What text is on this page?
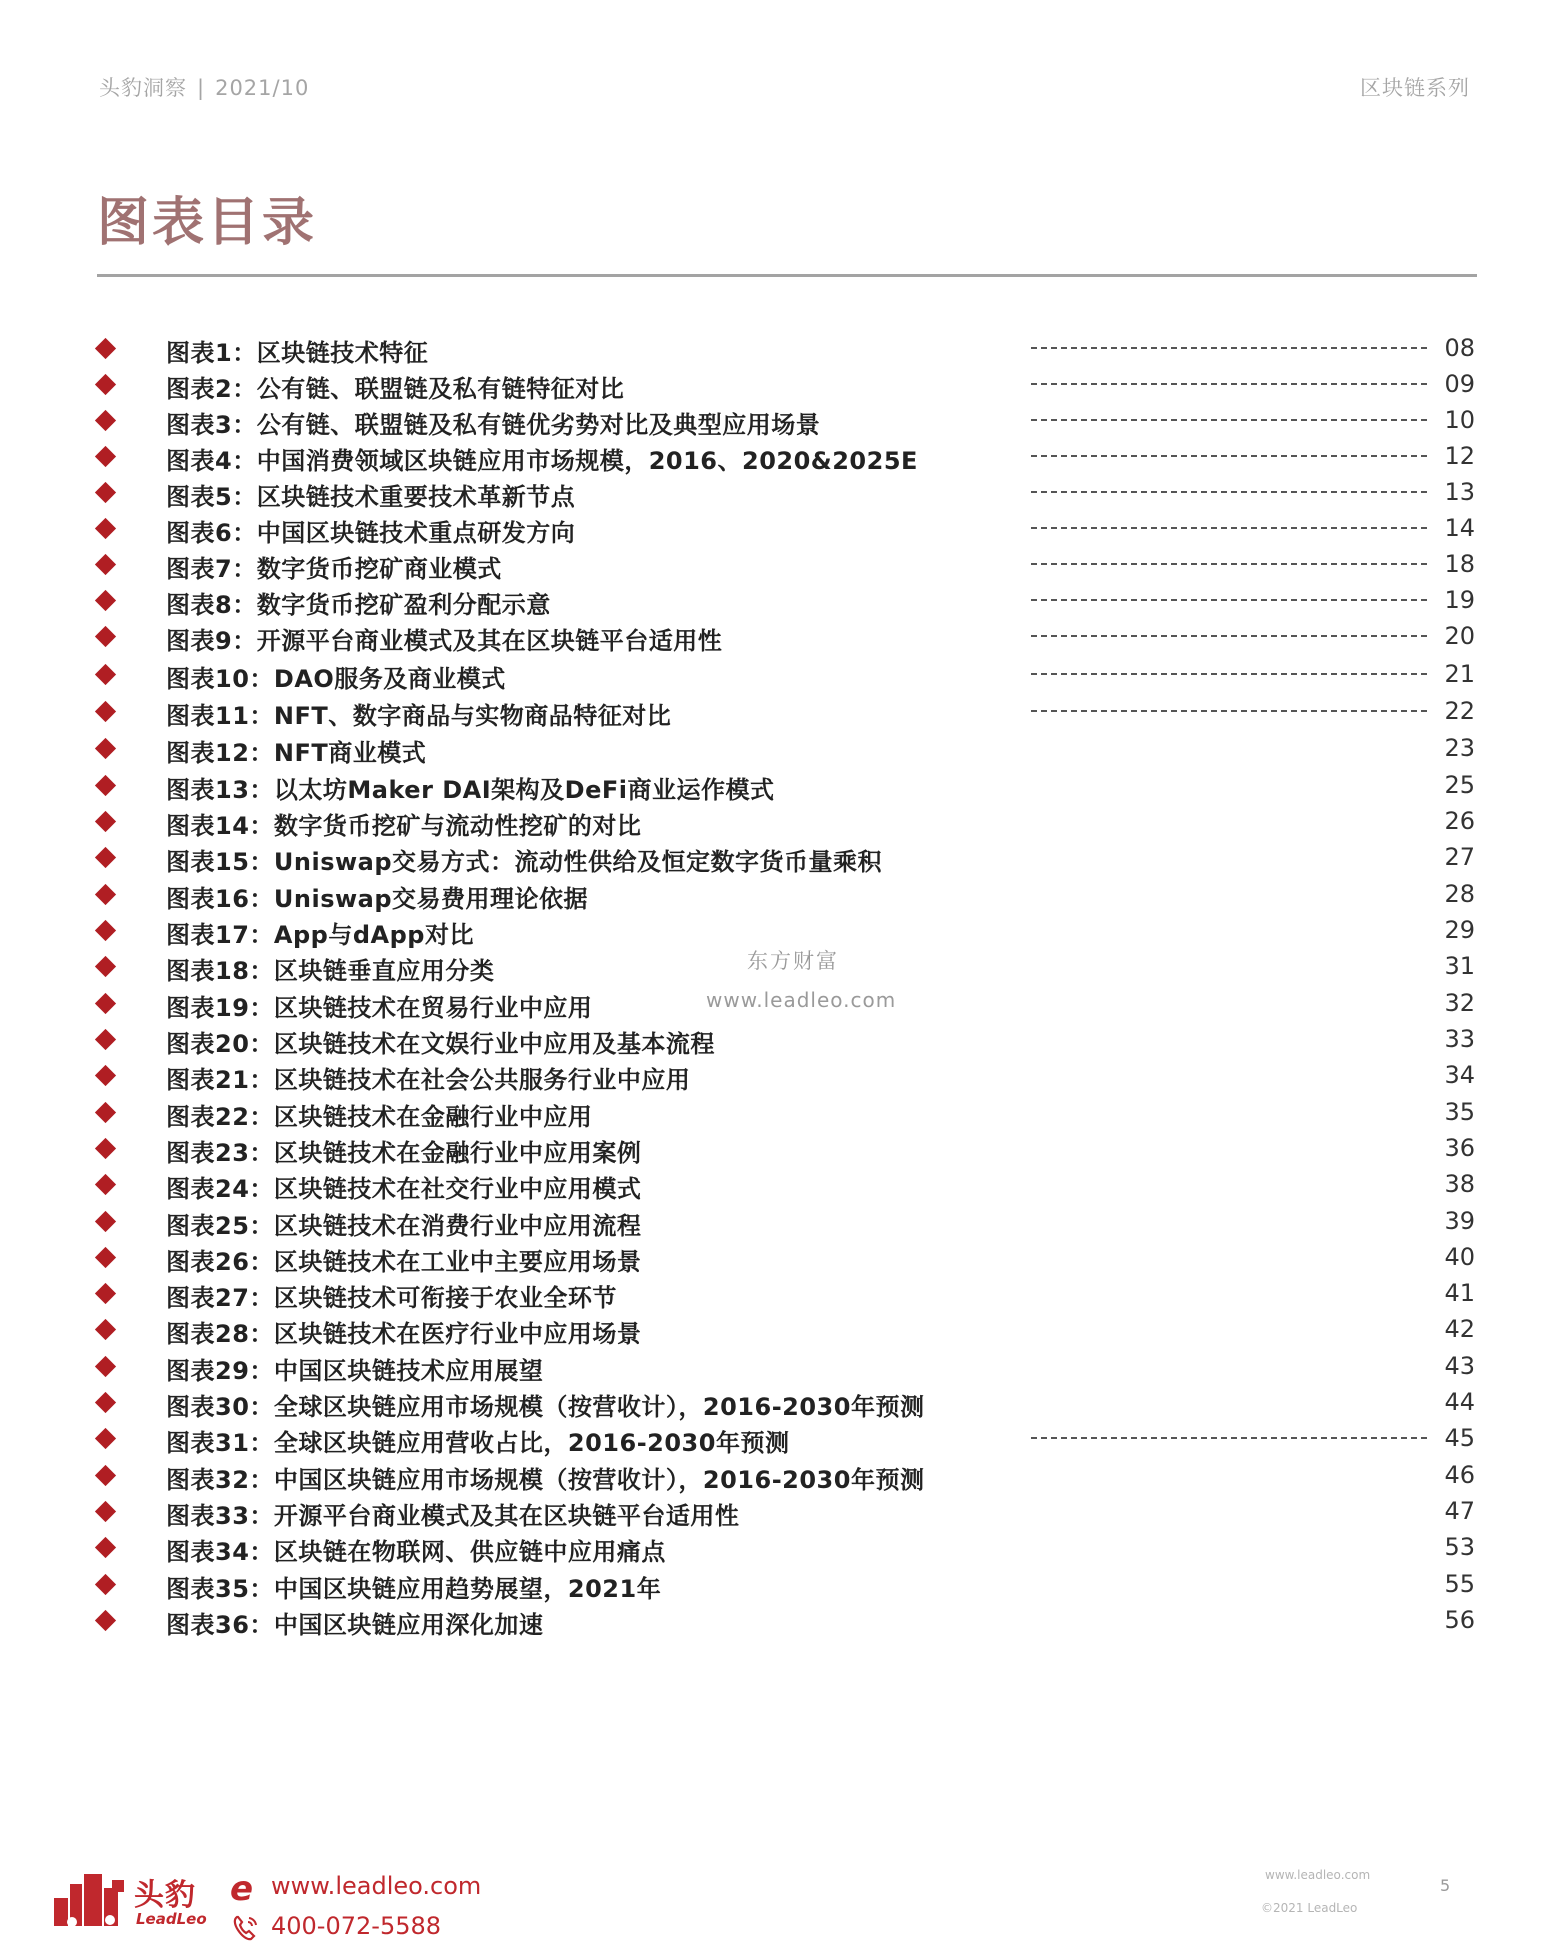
头豹洞察 | 2021/10	区块链系列
图表目录
图表1：区块链技术特征	08
图表2：公有链、联盟链及私有链特征对比	09
图表3：公有链、联盟链及私有链优劣势对比及典型应用场景	10
图表4：中国消费领域区块链应用市场规模，2016、2020&2025E	12
图表5：区块链技术重要技术革新节点	13
图表6：中国区块链技术重点研发方向	14
图表7：数字货币挖矿商业模式	18
图表8：数字货币挖矿盈利分配示意	19
图表9：开源平台商业模式及其在区块链平台适用性	20
图表10：DAO服务及商业模式	21
图表11：NFT、数字商品与实物商品特征对比	22
图表12：NFT商业模式	23
图表13：以太坊Maker DAI架构及DeFi商业运作模式	25
图表14：数字货币挖矿与流动性挖矿的对比	26
图表15：Uniswap交易方式：流动性供给及恒定数字货币量乘积	27
图表16：Uniswap交易费用理论依据	28
图表17：App与dApp对比	29
图表18：区块链垂直应用分类	31
图表19：区块链技术在贸易行业中应用	32
图表20：区块链技术在文娱行业中应用及基本流程	33
图表21：区块链技术在社会公共服务行业中应用	34
图表22：区块链技术在金融行业中应用	35
图表23：区块链技术在金融行业中应用案例	36
图表24：区块链技术在社交行业中应用模式	38
图表25：区块链技术在消费行业中应用流程	39
图表26：区块链技术在工业中主要应用场景	40
图表27：区块链技术可衔接于农业全环节	41
图表28：区块链技术在医疗行业中应用场景	42
图表29：中国区块链技术应用展望	43
图表30：全球区块链应用市场规模（按营收计），2016-2030年预测	44
图表31：全球区块链应用营收占比，2016-2030年预测	45
图表32：中国区块链应用市场规模（按营收计），2016-2030年预测	46
图表33：开源平台商业模式及其在区块链平台适用性	47
图表34：区块链在物联网、供应链中应用痛点	53
图表35：中国区块链应用趋势展望，2021年	55
图表36：中国区块链应用深化加速	56
东方财富
www.leadleo.com
头豹
LeadLeo
e www.leadleo.com
400-072-5588
www.leadleo.com
©2021 LeadLeo
5
